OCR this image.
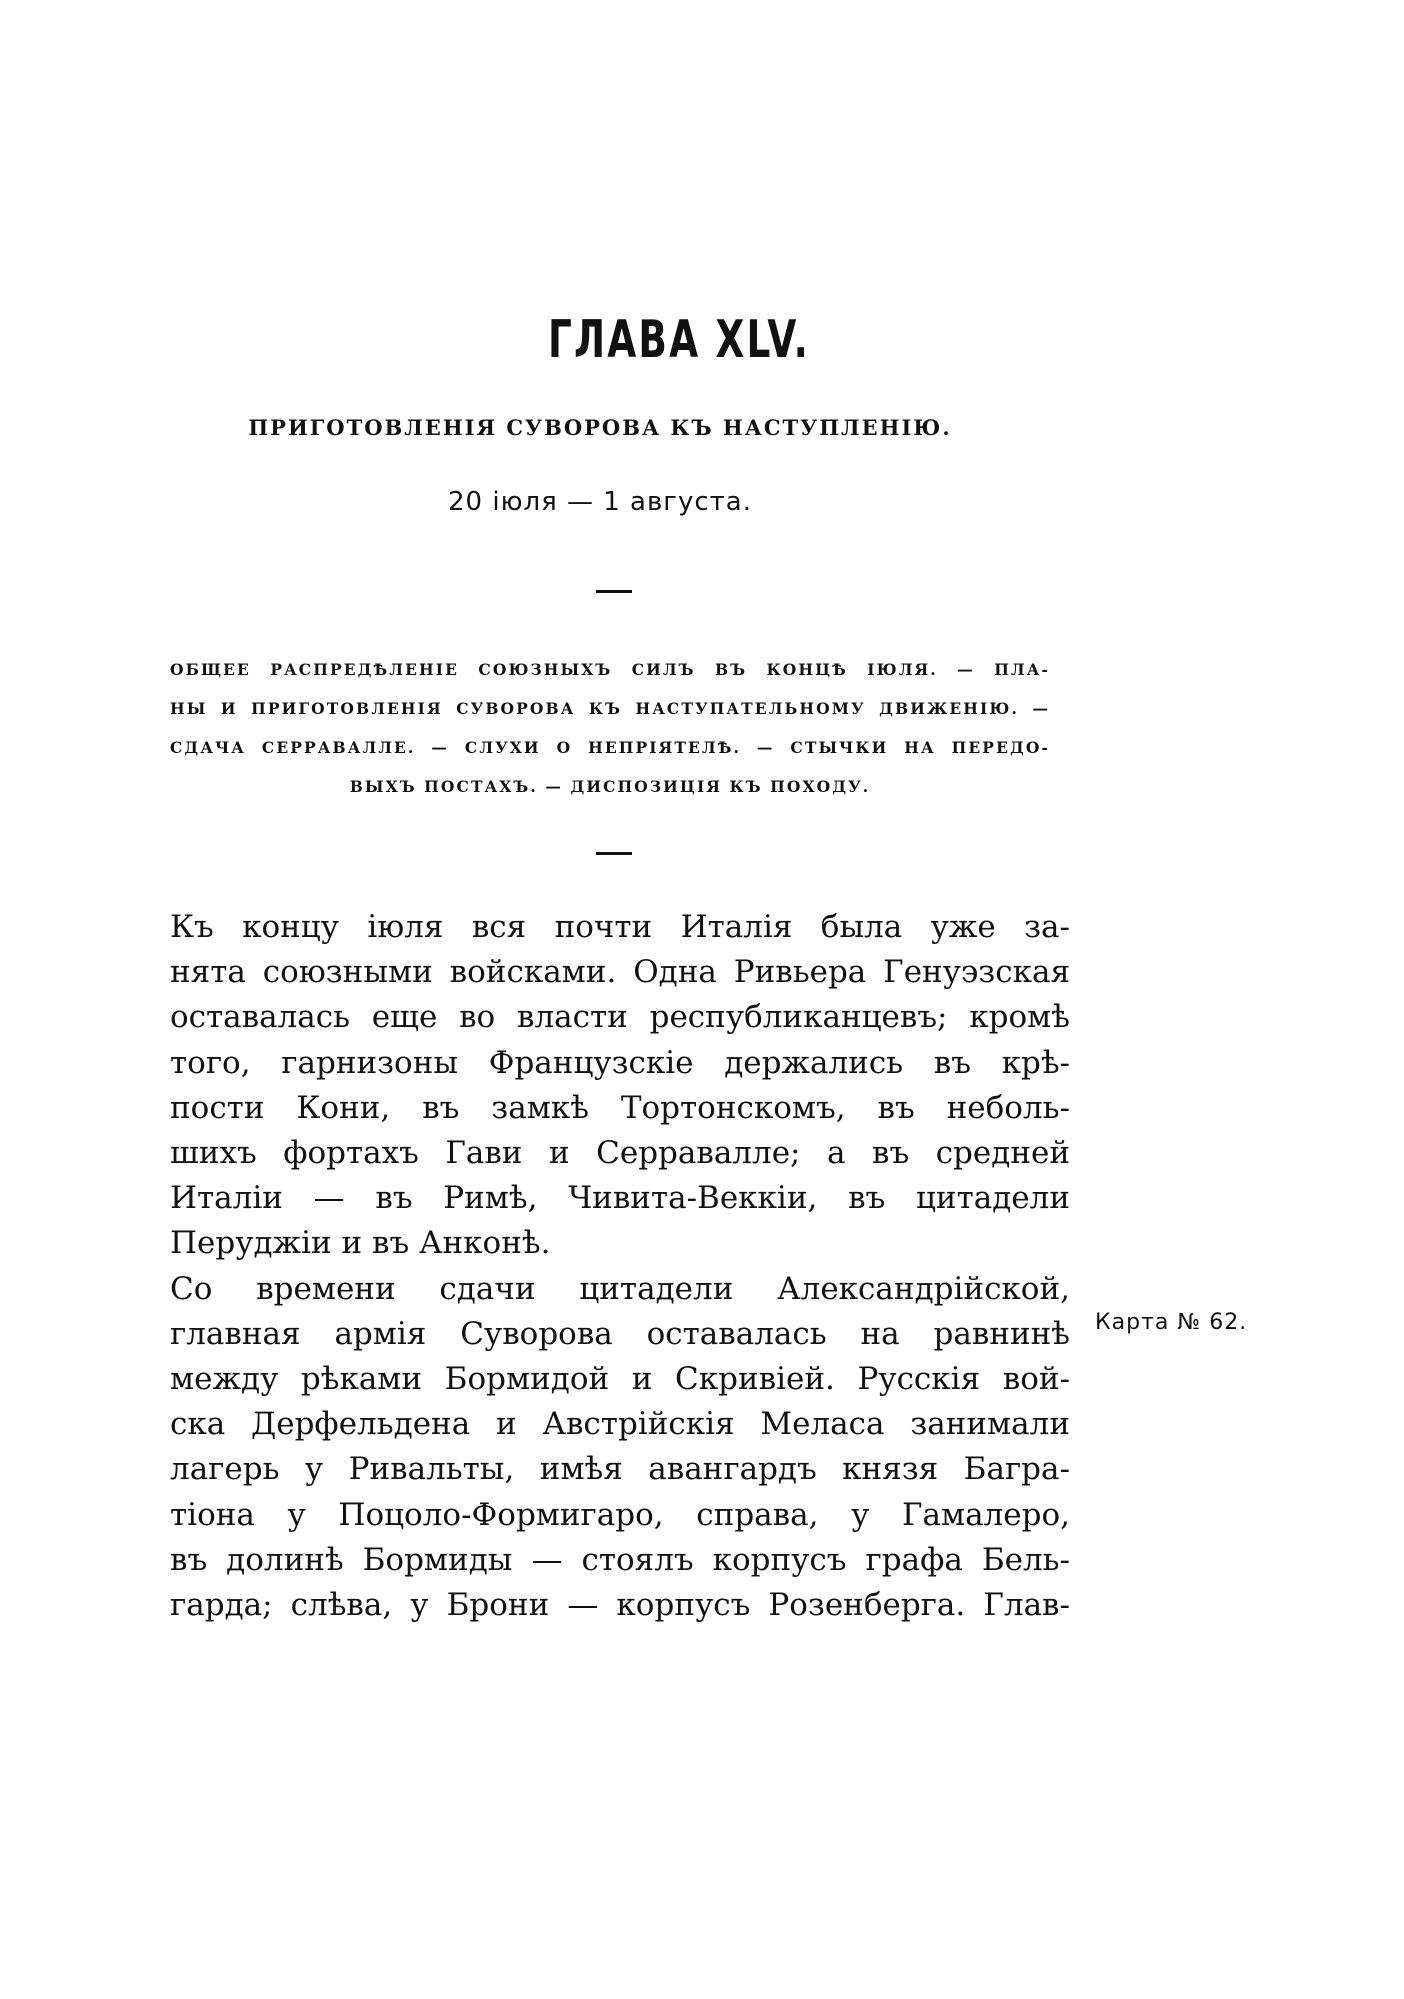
ГЛАВА XLV.
ПРИГОТОВЛЕНІЯ СУВОРОВА КЪ НАСТУПЛЕНІЮ.
20 іюля — 1 августа.
ОБЩЕЕ РАСПРЕДѢЛЕНІЕ СОЮЗНЫХЪ СИЛЪ ВЪ КОНЦѢ ІЮЛЯ. — ПЛА-
НЫ И ПРИГОТОВЛЕНІЯ СУВОРОВА КЪ НАСТУПАТЕЛЬНОМУ ДВИЖЕНІЮ. —
СДАЧА СЕРРАВАЛЛЕ. — СЛУХИ О НЕПРІЯТЕЛѢ. — СТЫЧКИ НА ПЕРЕДО-
ВЫХЪ ПОСТАХЪ. — ДИСПОЗИЦІЯ КЪ ПОХОДУ.
Къ концу іюля вся почти Италія была уже за-
нята союзными войсками. Одна Ривьера Генуэзская
оставалась еще во власти республиканцевъ; кромѣ
того, гарнизоны Французскіе держались въ крѣ-
пости Кони, въ замкѣ Тортонскомъ, въ неболь-
шихъ фортахъ Гави и Серравалле; а въ средней
Италіи — въ Римѣ, Чивита-Веккіи, въ цитадели
Перуджіи и въ Анконѣ.
Со времени сдачи цитадели Александрійской,
главная армія Суворова оставалась на равнинѣ
между рѣками Бормидой и Скривіей. Русскія вой-
ска Дерфельдена и Австрійскія Меласа занимали
лагерь у Ривальты, имѣя авангардъ князя Багра-
тіона у Поцоло-Формигаро, справа, у Гамалеро,
въ долинѣ Бормиды — стоялъ корпусъ графа Бель-
гарда; слѣва, у Брони — корпусъ Розенберга. Глав-
Карта № 62.
